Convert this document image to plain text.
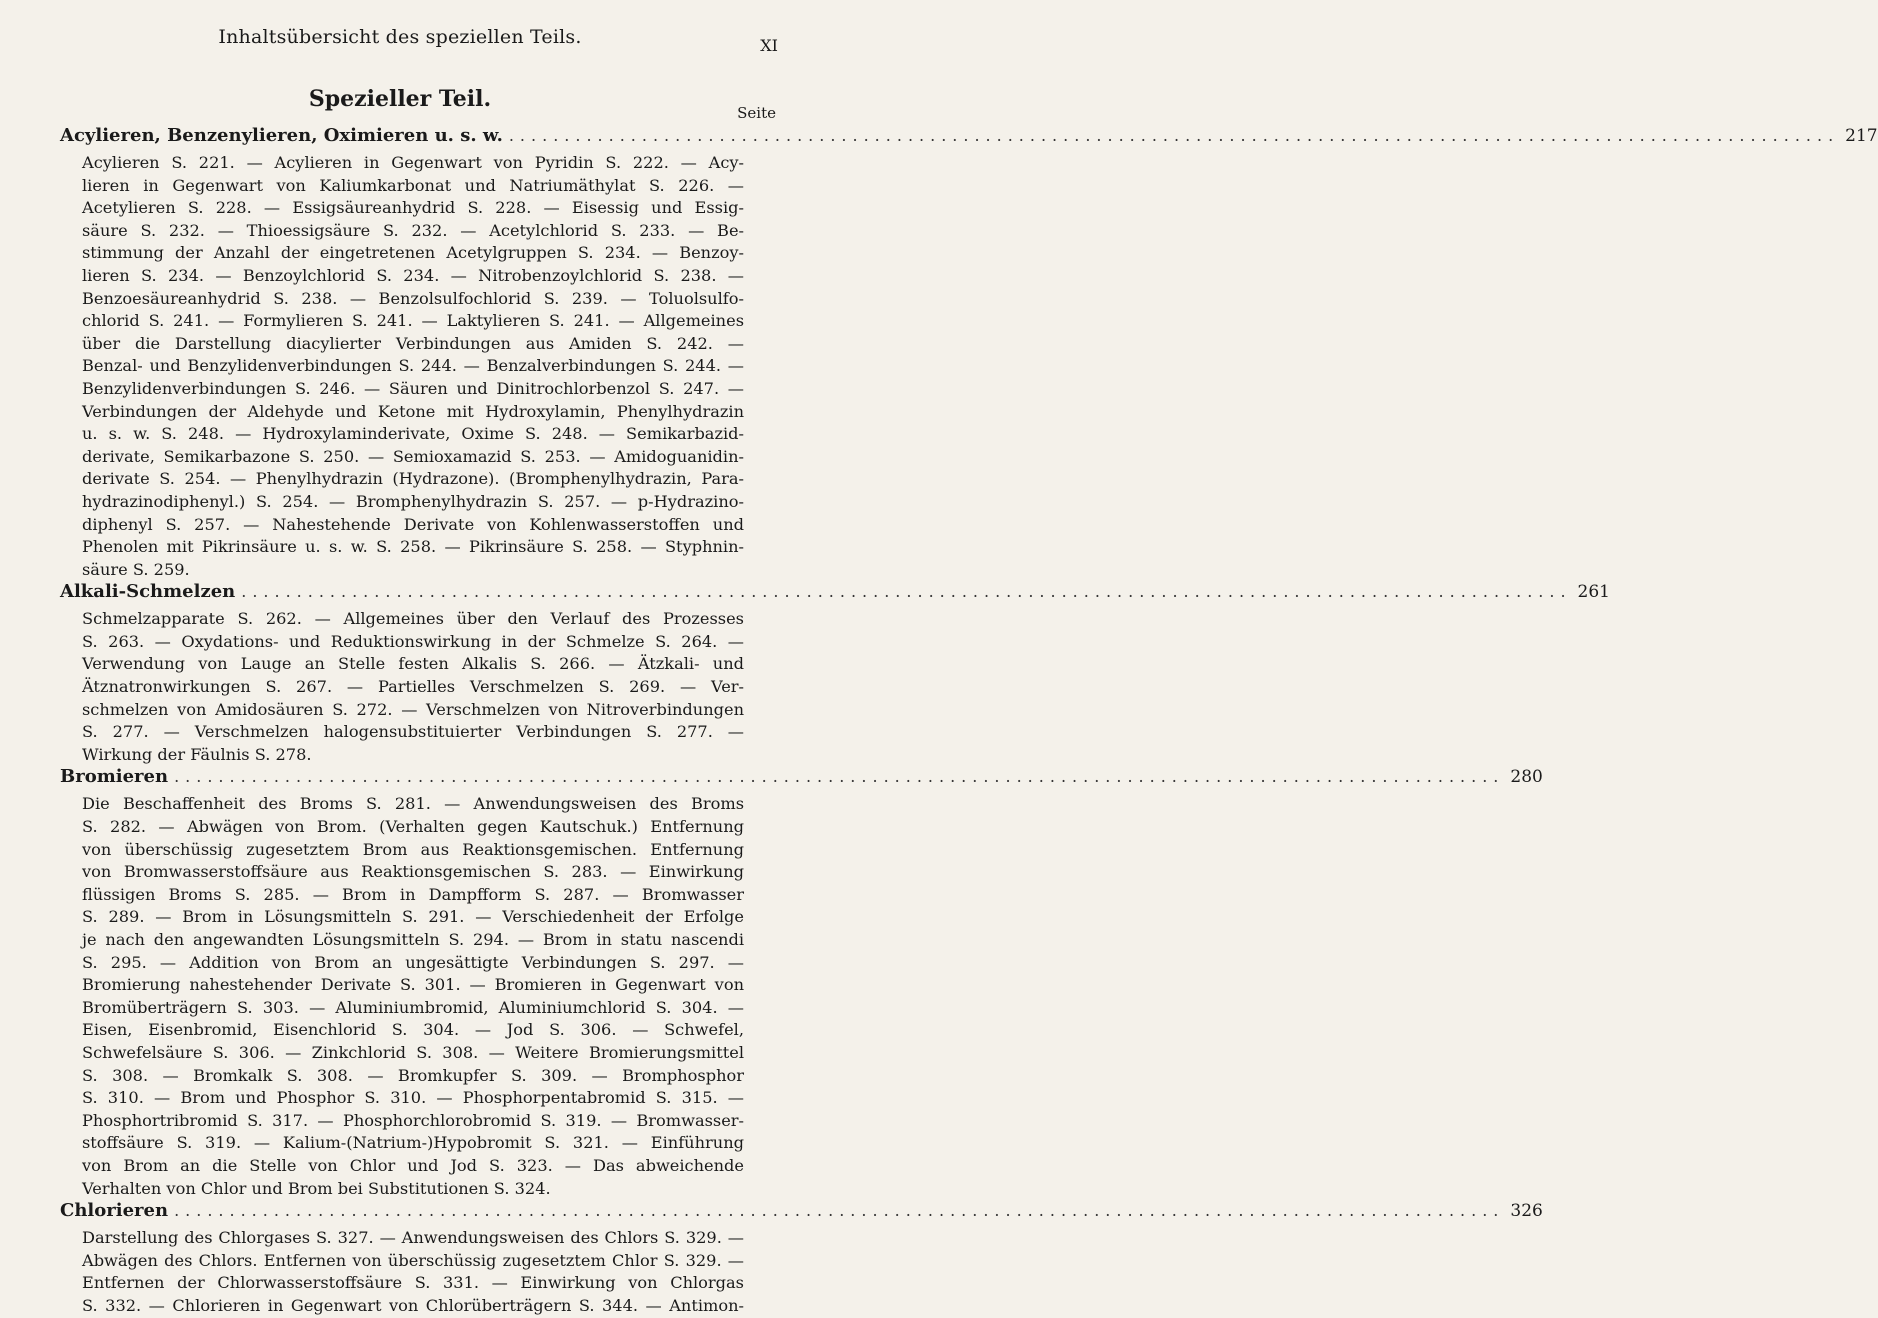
Inhaltsübersicht des speziellen Teils.	XI
Spezieller Teil.
Seite
Acylieren, Benzenylieren, Oximieren u. s. w. ........................................................................................................................ 217
Acylieren S. 221. — Acylieren in Gegenwart von Pyridin S. 222. — Acy-
lieren in Gegenwart von Kaliumkarbonat und Natriumäthylat S. 226. —
Acetylieren S. 228. — Essigsäureanhydrid S. 228. — Eisessig und Essig-
säure S. 232. — Thioessigsäure S. 232. — Acetylchlorid S. 233. — Be-
stimmung der Anzahl der eingetretenen Acetylgruppen S. 234. — Benzoy-
lieren S. 234. — Benzoylchlorid S. 234. — Nitrobenzoylchlorid S. 238. —
Benzoesäureanhydrid S. 238. — Benzolsulfochlorid S. 239. — Toluolsulfo-
chlorid S. 241. — Formylieren S. 241. — Laktylieren S. 241. — Allgemeines
über die Darstellung diacylierter Verbindungen aus Amiden S. 242. —
Benzal- und Benzylidenverbindungen S. 244. — Benzalverbindungen S. 244. —
Benzylidenverbindungen S. 246. — Säuren und Dinitrochlorbenzol S. 247. —
Verbindungen der Aldehyde und Ketone mit Hydroxylamin, Phenylhydrazin
u. s. w. S. 248. — Hydroxylaminderivate, Oxime S. 248. — Semikarbazid-
derivate, Semikarbazone S. 250. — Semioxamazid S. 253. — Amidoguanidin-
derivate S. 254. — Phenylhydrazin (Hydrazone). (Bromphenylhydrazin, Para-
hydrazinodiphenyl.) S. 254. — Bromphenylhydrazin S. 257. — p-Hydrazino-
diphenyl S. 257. — Nahestehende Derivate von Kohlenwasserstoffen und
Phenolen mit Pikrinsäure u. s. w. S. 258. — Pikrinsäure S. 258. — Styphnin-
säure S. 259.
Alkali-Schmelzen ........................................................................................................................ 261
Schmelzapparate S. 262. — Allgemeines über den Verlauf des Prozesses
S. 263. — Oxydations- und Reduktionswirkung in der Schmelze S. 264. —
Verwendung von Lauge an Stelle festen Alkalis S. 266. — Ätzkali- und
Ätznatronwirkungen S. 267. — Partielles Verschmelzen S. 269. — Ver-
schmelzen von Amidosäuren S. 272. — Verschmelzen von Nitroverbindungen
S. 277. — Verschmelzen halogensubstituierter Verbindungen S. 277. —
Wirkung der Fäulnis S. 278.
Bromieren ........................................................................................................................ 280
Die Beschaffenheit des Broms S. 281. — Anwendungsweisen des Broms
S. 282. — Abwägen von Brom. (Verhalten gegen Kautschuk.) Entfernung
von überschüssig zugesetztem Brom aus Reaktionsgemischen. Entfernung
von Bromwasserstoffsäure aus Reaktionsgemischen S. 283. — Einwirkung
flüssigen Broms S. 285. — Brom in Dampfform S. 287. — Bromwasser
S. 289. — Brom in Lösungsmitteln S. 291. — Verschiedenheit der Erfolge
je nach den angewandten Lösungsmitteln S. 294. — Brom in statu nascendi
S. 295. — Addition von Brom an ungesättigte Verbindungen S. 297. —
Bromierung nahestehender Derivate S. 301. — Bromieren in Gegenwart von
Bromüberträgern S. 303. — Aluminiumbromid, Aluminiumchlorid S. 304. —
Eisen, Eisenbromid, Eisenchlorid S. 304. — Jod S. 306. — Schwefel,
Schwefelsäure S. 306. — Zinkchlorid S. 308. — Weitere Bromierungsmittel
S. 308. — Bromkalk S. 308. — Bromkupfer S. 309. — Bromphosphor
S. 310. — Brom und Phosphor S. 310. — Phosphorpentabromid S. 315. —
Phosphortribromid S. 317. — Phosphorchlorobromid S. 319. — Bromwasser-
stoffsäure S. 319. — Kalium-(Natrium-)Hypobromit S. 321. — Einführung
von Brom an die Stelle von Chlor und Jod S. 323. — Das abweichende
Verhalten von Chlor und Brom bei Substitutionen S. 324.
Chlorieren ........................................................................................................................ 326
Darstellung des Chlorgases S. 327. — Anwendungsweisen des Chlors S. 329. —
Abwägen des Chlors. Entfernen von überschüssig zugesetztem Chlor S. 329. —
Entfernen der Chlorwasserstoffsäure S. 331. — Einwirkung von Chlorgas
S. 332. — Chlorieren in Gegenwart von Chlorüberträgern S. 344. — Antimon-
